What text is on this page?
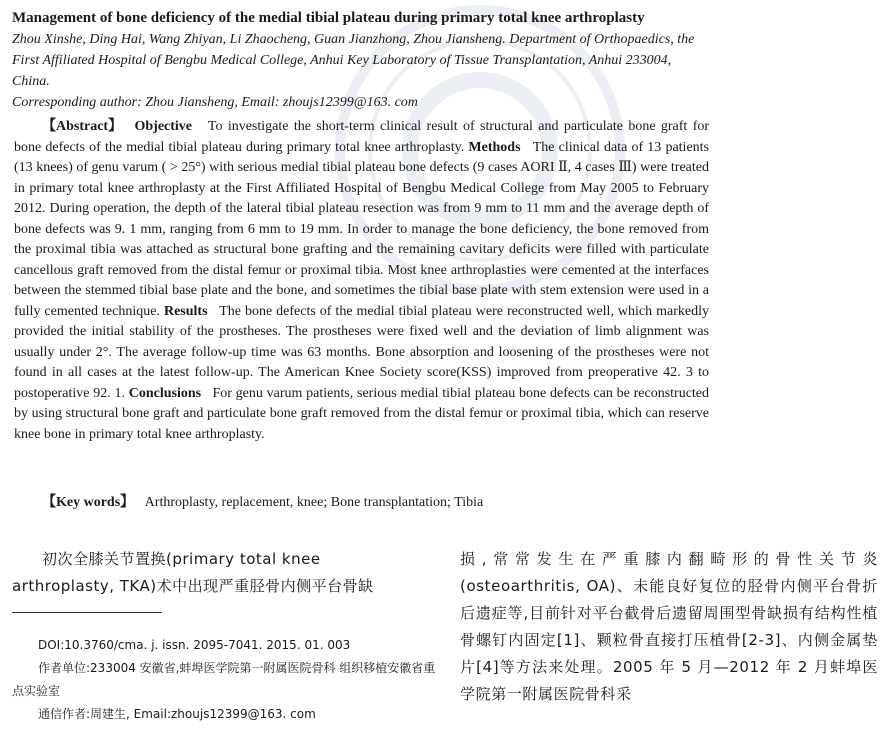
Management of bone deficiency of the medial tibial plateau during primary total knee arthroplasty
Zhou Xinshe, Ding Hai, Wang Zhiyan, Li Zhaocheng, Guan Jianzhong, Zhou Jiansheng. Department of Orthopaedics, the First Affiliated Hospital of Bengbu Medical College, Anhui Key Laboratory of Tissue Transplantation, Anhui 233004, China.
Corresponding author: Zhou Jiansheng, Email: zhoujs12399@163. com

【Abstract】   Objective   To investigate the short-term clinical result of structural and particulate bone graft for bone defects of the medial tibial plateau during primary total knee arthroplasty. Methods   The clinical data of 13 patients (13 knees) of genu varum ( > 25°) with serious medial tibial plateau bone defects (9 cases AORI Ⅱ, 4 cases Ⅲ) were treated in primary total knee arthroplasty at the First Affiliated Hospital of Bengbu Medical College from May 2005 to February 2012. During operation, the depth of the lateral tibial plateau resection was from 9 mm to 11 mm and the average depth of bone defects was 9. 1 mm, ranging from 6 mm to 19 mm. In order to manage the bone deficiency, the bone removed from the proximal tibia was attached as structural bone grafting and the remaining cavitary deficits were filled with particulate cancellous graft removed from the distal femur or proximal tibia. Most knee arthroplasties were cemented at the interfaces between the stemmed tibial base plate and the bone, and sometimes the tibial base plate with stem extension were used in a fully cemented technique. Results   The bone defects of the medial tibial plateau were reconstructed well, which markedly provided the initial stability of the prostheses. The prostheses were fixed well and the deviation of limb alignment was usually under 2°. The average follow-up time was 63 months. Bone absorption and loosening of the prostheses were not found in all cases at the latest follow-up. The American Knee Society score(KSS) improved from preoperative 42. 3 to postoperative 92. 1. Conclusions   For genu varum patients, serious medial tibial plateau bone defects can be reconstructed by using structural bone graft and particulate bone graft removed from the distal femur or proximal tibia, which can reserve knee bone in primary total knee arthroplasty.

【Key words】   Arthroplasty, replacement, knee; Bone transplantation; Tibia

初次全膝关节置换(primary total knee arthroplasty, TKA)术中出现严重胫骨内侧平台骨缺

DOI:10.3760/cma. j. issn. 2095-7041. 2015. 01. 003
作者单位:233004 安徽省,蚌埠医学院第一附属医院骨科 组织移植安徽省重点实验室
通信作者:周建生, Email:zhoujs12399@163. com

损,常常发生在严重膝内翻畸形的骨性关节炎(osteoarthritis, OA)、未能良好复位的胫骨内侧平台骨折后遗症等,目前针对平台截骨后遗留周围型骨缺损有结构性植骨螺钉内固定[1]、颗粒骨直接打压植骨[2-3]、内侧金属垫片[4]等方法来处理。2005 年 5 月—2012 年 2 月蚌埠医学院第一附属医院骨科采
